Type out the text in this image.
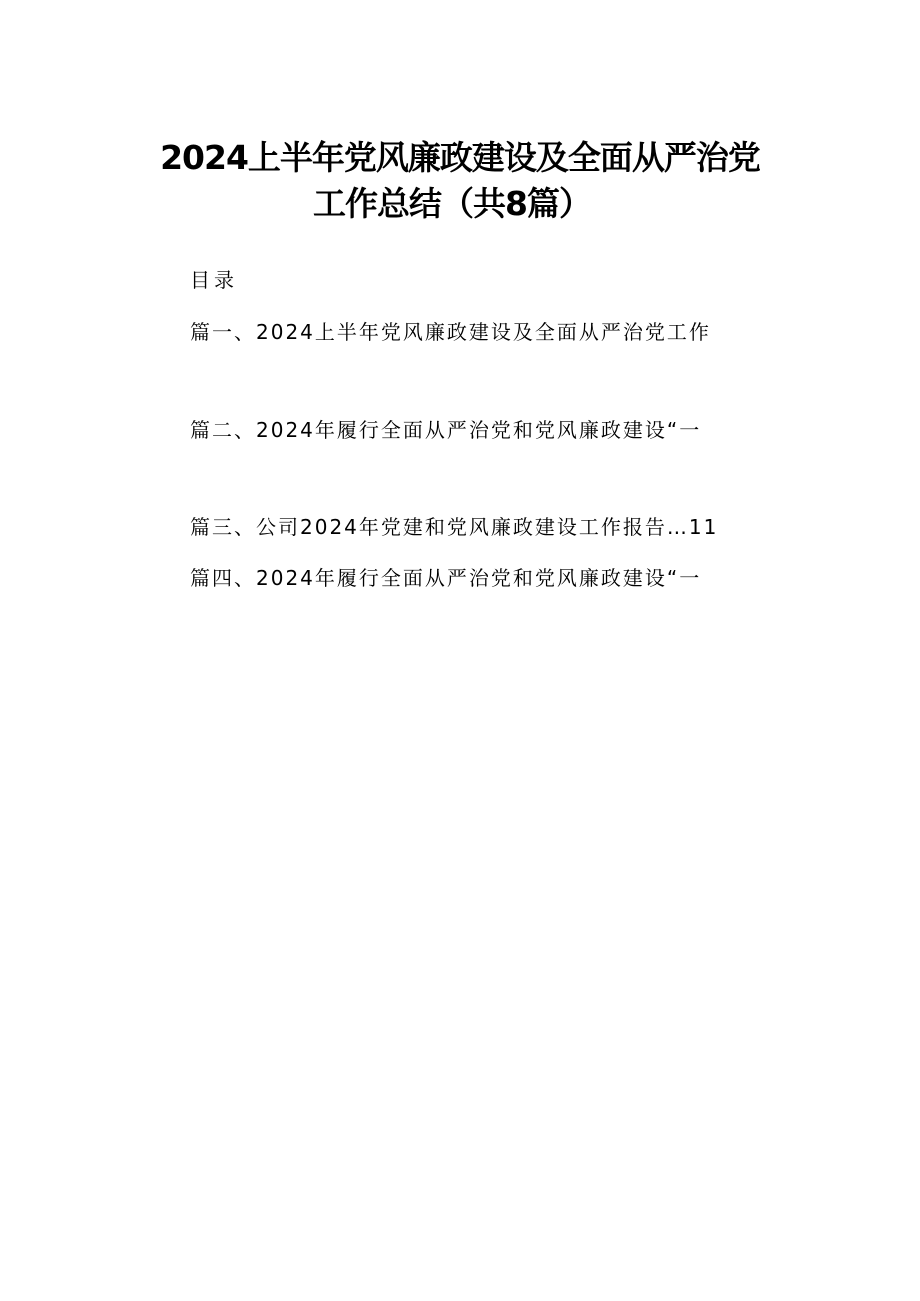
2024上半年党风廉政建设及全面从严治党
工作总结（共8篇）
目录
篇一、2024上半年党风廉政建设及全面从严治党工作
篇二、2024年履行全面从严治党和党风廉政建设“一
篇三、公司2024年党建和党风廉政建设工作报告…11
篇四、2024年履行全面从严治党和党风廉政建设“一
